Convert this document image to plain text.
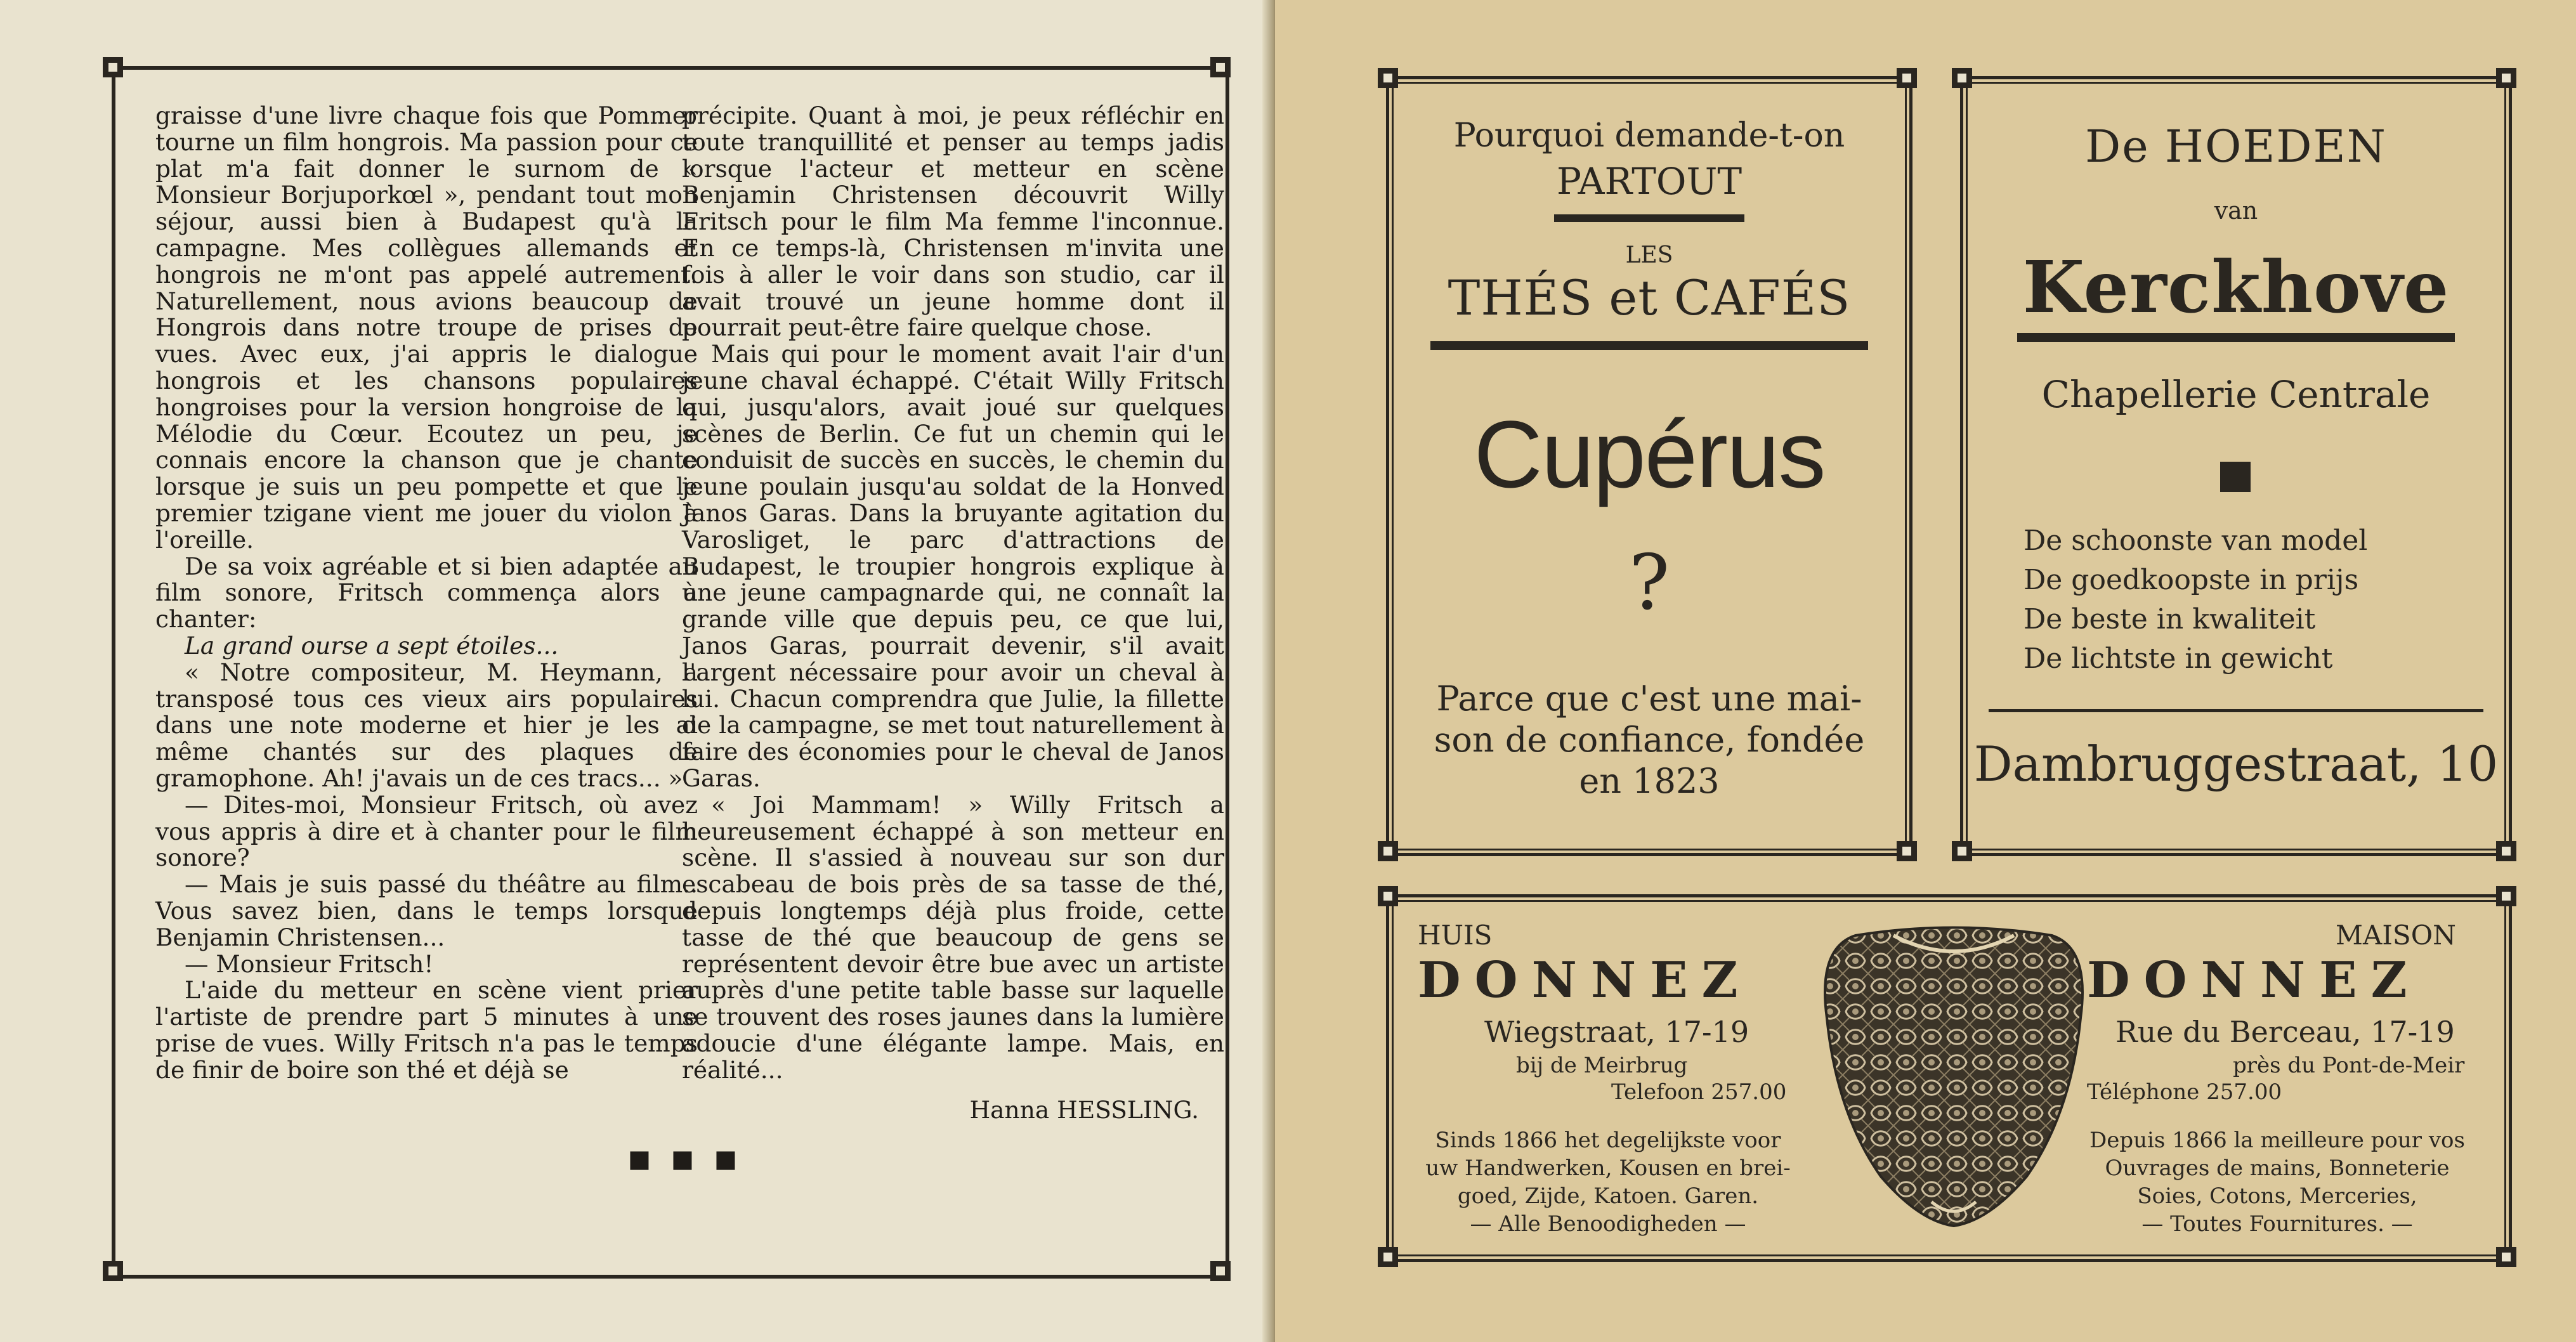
graisse d'une livre chaque fois que Pommer tourne un film hongrois. Ma passion pour ce plat m'a fait donner le surnom de « Monsieur Borjuporkœl », pendant tout mon séjour, aussi bien à Budapest qu'à la campagne. Mes collègues allemands et hongrois ne m'ont pas appelé autrement. Naturellement, nous avions beaucoup de Hongrois dans notre troupe de prises de vues. Avec eux, j'ai appris le dialogue hongrois et les chansons populaires hongroises pour la version hongroise de la Mélodie du Cœur. Ecoutez un peu, je connais encore la chanson que je chante lorsque je suis un peu pompette et que le premier tzigane vient me jouer du violon à l'oreille.

De sa voix agréable et si bien adaptée au film sonore, Fritsch commença alors à chanter:

La grand ourse a sept étoiles...

« Notre compositeur, M. Heymann, a transposé tous ces vieux airs populaires dans une note moderne et hier je les ai même chantés sur des plaques de gramophone. Ah! j'avais un de ces tracs... »

— Dites-moi, Monsieur Fritsch, où avez vous appris à dire et à chanter pour le film sonore?

— Mais je suis passé du théâtre au film.. Vous savez bien, dans le temps lorsque Benjamin Christensen...

— Monsieur Fritsch!

L'aide du metteur en scène vient prier l'artiste de prendre part 5 minutes à une prise de vues. Willy Fritsch n'a pas le temps de finir de boire son thé et déjà se

précipite. Quant à moi, je peux réfléchir en toute tranquillité et penser au temps jadis lorsque l'acteur et metteur en scène Benjamin Christensen découvrit Willy Fritsch pour le film Ma femme l'inconnue. En ce temps-là, Christensen m'invita une fois à aller le voir dans son studio, car il avait trouvé un jeune homme dont il pourrait peut-être faire quelque chose.

Mais qui pour le moment avait l'air d'un jeune chaval échappé. C'était Willy Fritsch qui, jusqu'alors, avait joué sur quelques scènes de Berlin. Ce fut un chemin qui le conduisit de succès en succès, le chemin du jeune poulain jusqu'au soldat de la Honved Janos Garas. Dans la bruyante agitation du Varosliget, le parc d'attractions de Budapest, le troupier hongrois explique à une jeune campagnarde qui, ne connaît la grande ville que depuis peu, ce que lui, Janos Garas, pourrait devenir, s'il avait l'argent nécessaire pour avoir un cheval à lui. Chacun comprendra que Julie, la fillette de la campagne, se met tout naturellement à faire des économies pour le cheval de Janos Garas.

« Joi Mammam! » Willy Fritsch a heureusement échappé à son metteur en scène. Il s'assied à nouveau sur son dur escabeau de bois près de sa tasse de thé, depuis longtemps déjà plus froide, cette tasse de thé que beaucoup de gens se représentent devoir être bue avec un artiste auprès d'une petite table basse sur laquelle se trouvent des roses jaunes dans la lumière adoucie d'une élégante lampe. Mais, en réalité...

Hanna HESSLING.

■ ■ ■
Pourquoi demande-t-on
PARTOUT
LES
THÉS et CAFÉS
Cupérus
?
Parce que c'est une mai-
son de confiance, fondée
en 1823
De HOEDEN
van
Kerckhove
Chapellerie Centrale
De schoonste van model
De goedkoopste in prijs
De beste in kwaliteit
De lichtste in gewicht
Dambruggestraat, 10
HUIS
DONNEZ
Wiegstraat, 17-19
bij de Meirbrug
Telefoon 257.00
Sinds 1866 het degelijkste voor
uw Handwerken, Kousen en brei-
goed, Zijde, Katoen. Garen.
— Alle Benoodigheden —
MAISON
DONNEZ
Rue du Berceau, 17-19
près du Pont-de-Meir
Téléphone 257.00
Depuis 1866 la meilleure pour vos
Ouvrages de mains, Bonneterie
Soies, Cotons, Merceries,
— Toutes Fournitures. —
